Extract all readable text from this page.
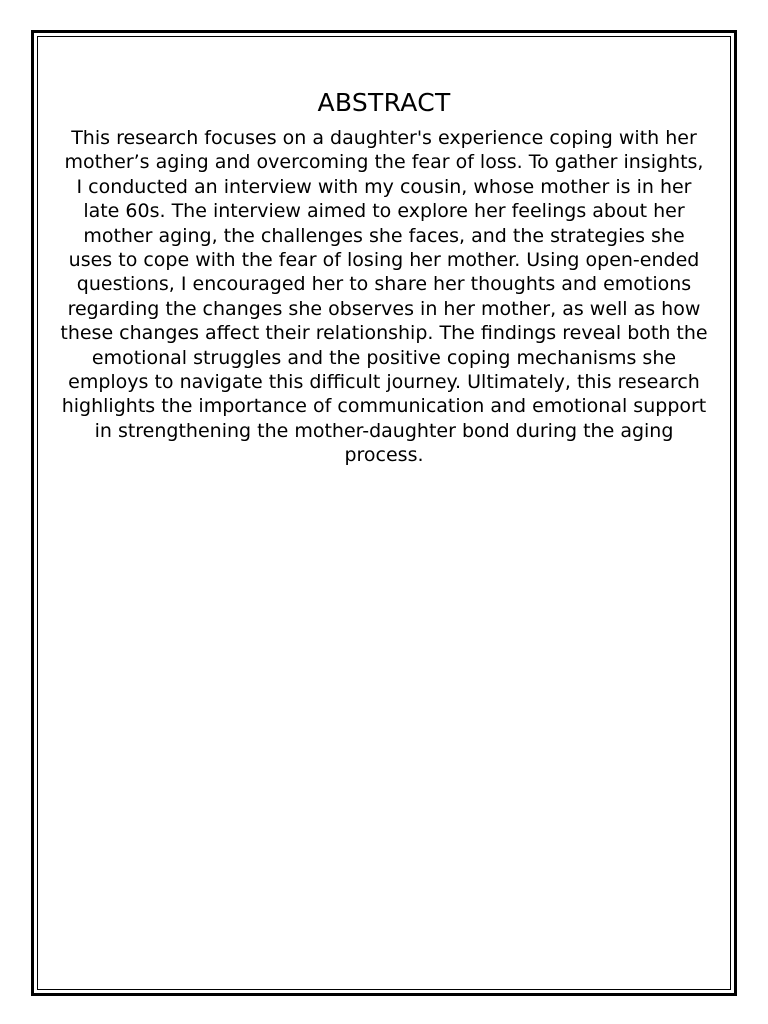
ABSTRACT

This research focuses on a daughter's experience coping with her mother’s aging and overcoming the fear of loss. To gather insights, I conducted an interview with my cousin, whose mother is in her late 60s. The interview aimed to explore her feelings about her mother aging, the challenges she faces, and the strategies she uses to cope with the fear of losing her mother. Using open-ended questions, I encouraged her to share her thoughts and emotions regarding the changes she observes in her mother, as well as how these changes affect their relationship. The findings reveal both the emotional struggles and the positive coping mechanisms she employs to navigate this difficult journey. Ultimately, this research highlights the importance of communication and emotional support in strengthening the mother-daughter bond during the aging process.
